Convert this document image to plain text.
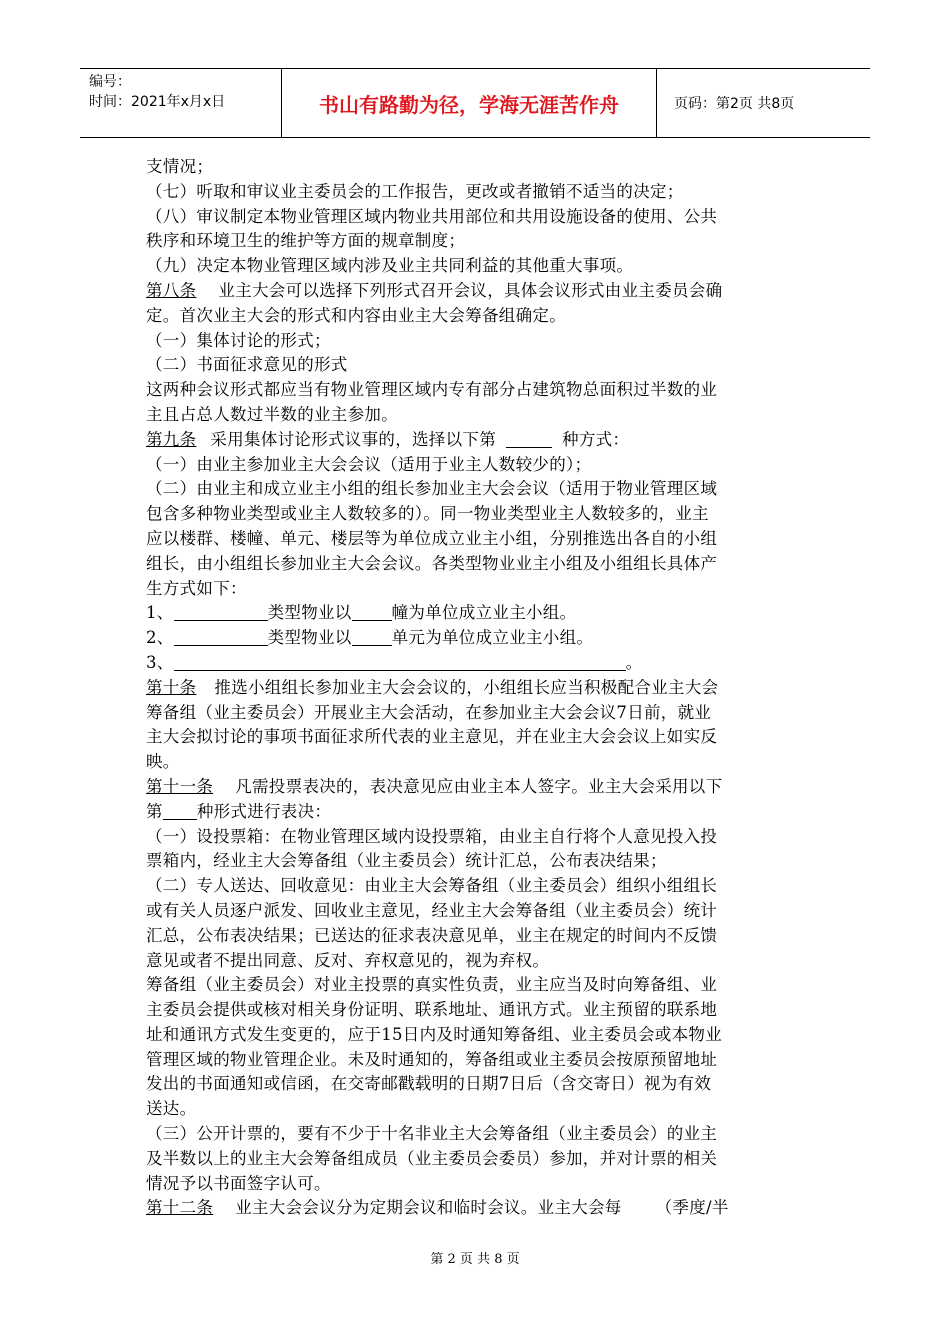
编号：
时间：2021年x月x日	书山有路勤为径，学海无涯苦作舟	页码：第2页 共8页
支情况；
（七）听取和审议业主委员会的工作报告，更改或者撤销不适当的决定；
（八）审议制定本物业管理区域内物业共用部位和共用设施设备的使用、公共
秩序和环境卫生的维护等方面的规章制度；
（九）决定本物业管理区域内涉及业主共同利益的其他重大事项。
第八条 业主大会可以选择下列形式召开会议，具体会议形式由业主委员会确
定。首次业主大会的形式和内容由业主大会筹备组确定。
（一）集体讨论的形式；
（二）书面征求意见的形式
这两种会议形式都应当有物业管理区域内专有部分占建筑物总面积过半数的业
主且占总人数过半数的业主参加。
第九条 采用集体讨论形式议事的，选择以下第	种方式：
（一）由业主参加业主大会会议（适用于业主人数较少的）；
（二）由业主和成立业主小组的组长参加业主大会会议（适用于物业管理区域
包含多种物业类型或业主人数较多的）。同一物业类型业主人数较多的，业主
应以楼群、楼幢、单元、楼层等为单位成立业主小组，分别推选出各自的小组
组长，由小组组长参加业主大会会议。各类型物业业主小组及小组组长具体产
生方式如下：
1、	类型物业以 幢为单位成立业主小组。
2、	类型物业以 单元为单位成立业主小组。
3、	。
第十条 推选小组组长参加业主大会会议的，小组组长应当积极配合业主大会
筹备组（业主委员会）开展业主大会活动，在参加业主大会会议7日前，就业
主大会拟讨论的事项书面征求所代表的业主意见，并在业主大会会议上如实反
映。
第十一条 凡需投票表决的，表决意见应由业主本人签字。业主大会采用以下
第 种形式进行表决：
（一）设投票箱：在物业管理区域内设投票箱，由业主自行将个人意见投入投
票箱内，经业主大会筹备组（业主委员会）统计汇总，公布表决结果；
（二）专人送达、回收意见：由业主大会筹备组（业主委员会）组织小组组长
或有关人员逐户派发、回收业主意见，经业主大会筹备组（业主委员会）统计
汇总，公布表决结果；已送达的征求表决意见单，业主在规定的时间内不反馈
意见或者不提出同意、反对、弃权意见的，视为弃权。
筹备组（业主委员会）对业主投票的真实性负责，业主应当及时向筹备组、业
主委员会提供或核对相关身份证明、联系地址、通讯方式。业主预留的联系地
址和通讯方式发生变更的，应于15日内及时通知筹备组、业主委员会或本物业
管理区域的物业管理企业。未及时通知的，筹备组或业主委员会按原预留地址
发出的书面通知或信函，在交寄邮戳载明的日期7日后（含交寄日）视为有效
送达。
（三）公开计票的，要有不少于十名非业主大会筹备组（业主委员会）的业主
及半数以上的业主大会筹备组成员（业主委员会委员）参加，并对计票的相关
情况予以书面签字认可。
第十二条 业主大会会议分为定期会议和临时会议。业主大会每 （季度/半
第 2 页 共 8 页
